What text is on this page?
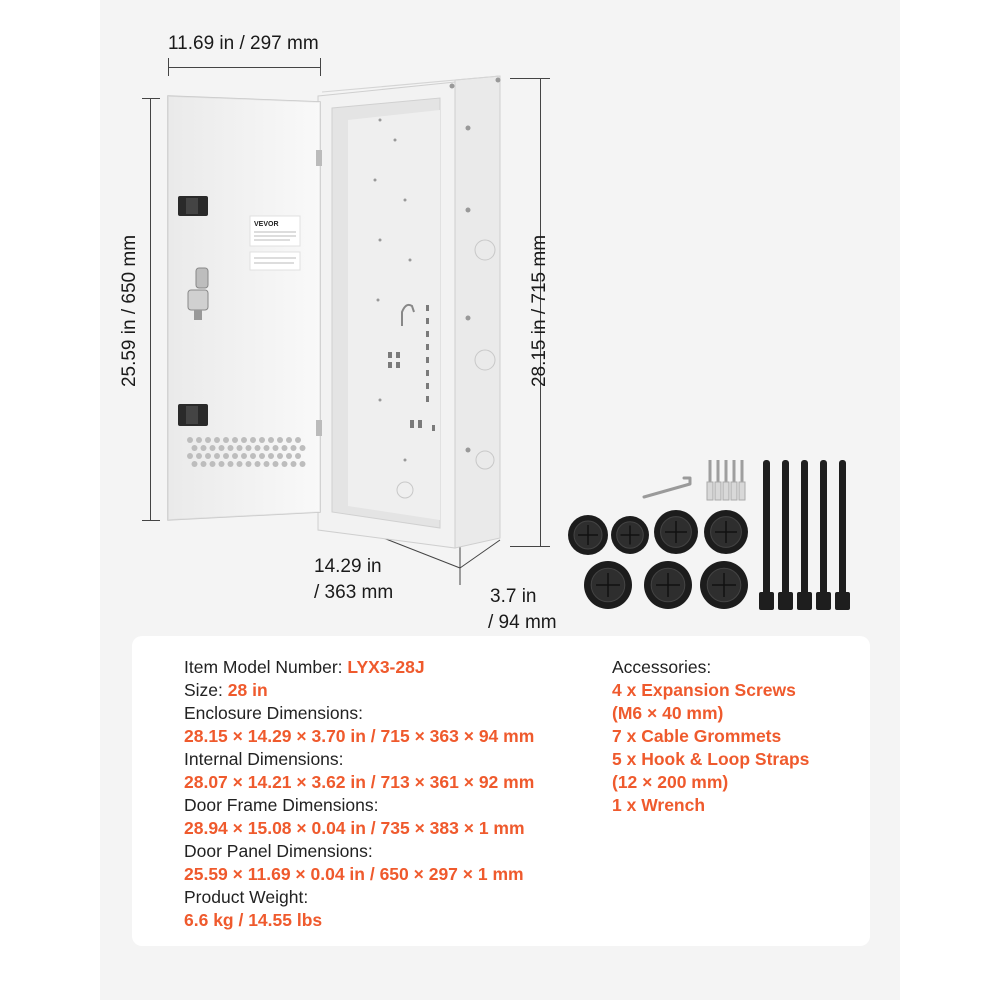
11.69 in / 297 mm
25.59 in / 650 mm	28.15 in / 715 mm
14.29 in
/ 363 mm	3.7 in
/ 94 mm
VEVOR
Item Model Number: LYX3-28J
Size: 28 in
Enclosure Dimensions:
28.15 × 14.29 × 3.70 in / 715 × 363 × 94 mm
Internal Dimensions:
28.07 × 14.21 × 3.62 in / 713 × 361 × 92 mm
Door Frame Dimensions:
28.94 × 15.08 × 0.04 in / 735 × 383 × 1 mm
Door Panel Dimensions:
25.59 × 11.69 × 0.04 in / 650 × 297 × 1 mm
Product Weight:
6.6 kg / 14.55 lbs
Accessories:
4 x Expansion Screws
(M6 × 40 mm)
7 x Cable Grommets
5 x Hook & Loop Straps
(12 × 200 mm)
1 x Wrench
